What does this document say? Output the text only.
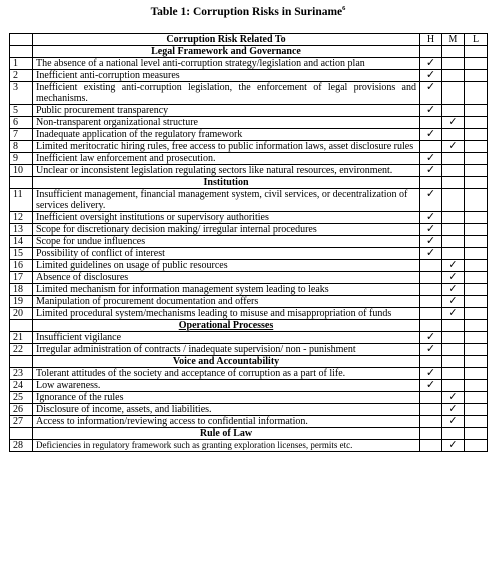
Table 1: Corruption Risks in Suriname$^6$
	Corruption Risk Related To	H	M	L
	Legal Framework and Governance			
1	The absence of a national level anti-corruption strategy/legislation and action plan	✓		
2	Inefficient anti-corruption measures	✓		
3	Inefficient existing anti-corruption legislation, the enforcement of legal provisions and mechanisms.	✓		
5	Public procurement transparency	✓		
6	Non-transparent organizational structure		✓	
7	Inadequate application of the regulatory framework	✓		
8	Limited meritocratic hiring rules, free access to public information laws, asset disclosure rules		✓	
9	Inefficient law enforcement and prosecution.	✓		
10	Unclear or inconsistent legislation regulating sectors like natural resources, environment.	✓		
	Institution			
11	Insufficient management, financial management system, civil services, or decentralization of services delivery.	✓		
12	Inefficient oversight institutions or supervisory authorities	✓		
13	Scope for discretionary decision making/ irregular internal procedures	✓		
14	Scope for undue influences	✓		
15	Possibility of conflict of interest	✓		
16	Limited guidelines on usage of public resources		✓	
17	Absence of disclosures		✓	
18	Limited mechanism for information management system leading to leaks		✓	
19	Manipulation of procurement documentation and offers		✓	
20	Limited procedural system/mechanisms leading to misuse and misappropriation of funds		✓	
	Operational Processes			
21	Insufficient vigilance	✓		
22	Irregular administration of contracts / inadequate supervision/ non - punishment	✓		
	Voice and Accountability			
23	Tolerant attitudes of the society and acceptance of corruption as a part of life.	✓		
24	Low awareness.	✓		
25	Ignorance of the rules		✓	
26	Disclosure of income, assets, and liabilities.		✓	
27	Access to information/reviewing access to confidential information.		✓	
	Rule of Law			
28	Deficiencies in regulatory framework such as granting exploration licenses, permits etc.		✓	
